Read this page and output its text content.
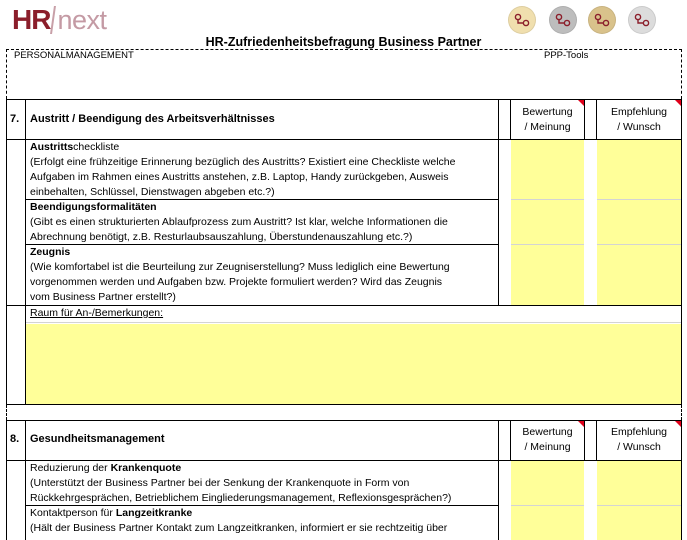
HR next
HR-Zufriedenheitsbefragung Business Partner
PERSONALMANAGEMENT	PPP-Tools
7. Austritt / Beendigung des Arbeitsverhältnisses
Bewertung
/ Meinung
Empfehlung
/ Wunsch
Austrittscheckliste
(Erfolgt eine frühzeitige Erinnerung bezüglich des Austritts? Existiert eine Checkliste welche
Aufgaben im Rahmen eines Austritts anstehen, z.B. Laptop, Handy zurückgeben, Ausweis
einbehalten, Schlüssel, Dienstwagen abgeben etc.?)
Beendigungsformalitäten
(Gibt es einen strukturierten Ablaufprozess zum Austritt? Ist klar, welche Informationen die
Abrechnung benötigt, z.B. Resturlaubsauszahlung, Überstundenauszahlung etc.?)
Zeugnis
(Wie komfortabel ist die Beurteilung zur Zeugniserstellung? Muss lediglich eine Bewertung
vorgenommen werden und Aufgaben bzw. Projekte formuliert werden? Wird das Zeugnis
vom Business Partner erstellt?)
Raum für An-/Bemerkungen:
8. Gesundheitsmanagement
Bewertung
/ Meinung
Empfehlung
/ Wunsch
Reduzierung der Krankenquote
(Unterstützt der Business Partner bei der Senkung der Krankenquote in Form von
Rückkehrgesprächen, Betrieblichem Eingliederungsmanagement, Reflexionsgesprächen?)
Kontaktperson für Langzeitkranke
(Hält der Business Partner Kontakt zum Langzeitkranken, informiert er sie rechtzeitig über
